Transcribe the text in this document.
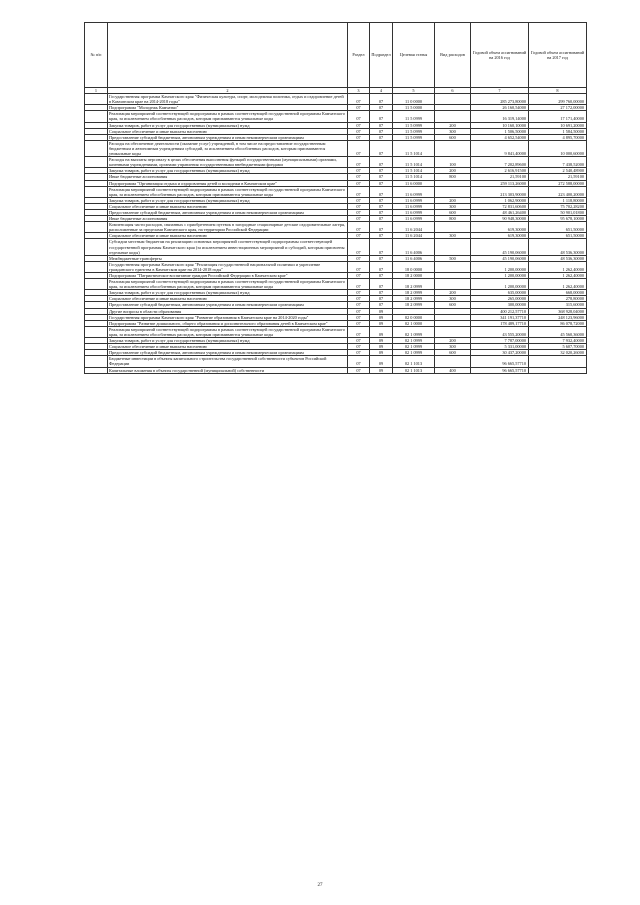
№ п/п		Раздел	Подраздел	Целевая статья	Вид расходов	Годовой объем ассигнований на 2016 год	Годовой объем ассигнований на 2017 год
1	2	3	4	5	6	7	8
	Государственная программа Камчатского края "Физическая культура, спорт, молодежная политика, отдых и оздоровление детей в Камчатском крае на 2014-2018 годы"	07	07	11 0 0000		285 273,80000	299 760,00000
	Подпрограмма "Молодежь Камчатки"	07	07	11 5 0000		26 160,54000	27 172,00000
	Реализация мероприятий соответствующей подпрограммы в рамках соответствующей государственной программы Камчатского края, за исключением обособленных расходов, которым присваиваются уникальные коды	07	07	11 5 0999		16 319,14000	17 171,40000
	Закупка товаров, работ и услуг для государственных (муниципальных) нужд	07	07	11 5 0999	200	10 160,10000	10 691,20000
	Социальное обеспечение и иные выплаты населению	07	07	11 5 0999	300	1 506,50000	1 584,50000
	Предоставление субсидий бюджетным, автономным учреждениям и иным некоммерческим организациям	07	07	11 5 0999	600	4 652,54000	4 895,70000
	Расходы на обеспечение деятельности (оказание услуг) учреждений, в том числе на предоставление государственным бюджетным и автономным учреждениям субсидий, за исключением обособленных расходов, которым присваиваются уникальные коды	07	07	11 5 1014		9 841,40000	10 000,60000
	Расходы на выплаты персоналу в целях обеспечения выполнения функций государственными (муниципальными) органами, казенными учреждениями, органами управления государственными внебюджетными фондами	07	07	11 5 1014	100	7 202,89600	7 438,52000
	Закупка товаров, работ и услуг для государственных (муниципальных) нужд	07	07	11 5 1014	200	2 616,91500	2 540,48900
	Иные бюджетные ассигнования	07	07	11 5 1014	800	21,59100	21,59100
	Подпрограмма "Организация отдыха и оздоровления детей и молодежи в Камчатском крае"	07	07	11 6 0000		259 113,26000	272 588,00000
	Реализация мероприятий соответствующей подпрограммы в рамках соответствующей государственной программы Камчатского края, за исключением обособленных расходов, которым присваиваются уникальные коды	07	07	11 6 0999		213 303,90000	223 400,20000
	Закупка товаров, работ и услуг для государственных (муниципальных) нужд	07	07	11 6 0999	200	1 062,90000	1 118,80000
	Социальное обеспечение и иные выплаты населению	07	07	11 6 0999	300	72 831,60600	75 702,28200
	Предоставление субсидий бюджетным, автономным учреждениям и иным некоммерческим организациям	07	07	11 6 0999	600	48 461,26400	50 901,01800
	Иные бюджетные ассигнования	07	07	11 6 0999	800	90 948,30000	95 678,10000
	Компенсация части расходов, связанных с приобретением путевок в загородные стационарные детские оздоровительные лагеря, расположенные за пределами Камчатского края, на территории Российской Федерации	07	07	11 6 2044		619,30000	651,50000
	Социальное обеспечение и иные выплаты населению	07	07	11 6 2044	300	619,30000	651,50000
	Субсидии местным бюджетам на реализацию основных мероприятий соответствующей подпрограммы соответствующей государственной программы Камчатского края (за исключением инвестиционных мероприятий и субсидий, которым присвоены отдельные коды)	07	07	11 6 4006		45 190,06000	48 536,30000
	Межбюджетные трансферты	07	07	11 6 4006	500	45 190,06000	48 536,30000
	Государственная программа Камчатского края "Реализация государственной национальной политики и укрепление гражданского единства в Камчатском крае на 2014-2018 годы"	07	07	18 0 0000		1 200,00000	1 262,40000
	Подпрограмма "Патриотическое воспитание граждан Российской Федерации в Камчатском крае"	07	07	18 2 0000		1 200,00000	1 262,40000
	Реализация мероприятий соответствующей подпрограммы в рамках соответствующей государственной программы Камчатского края, за исключением обособленных расходов, которым присваиваются уникальные коды	07	07	18 2 0999		1 200,00000	1 262,40000
	Закупка товаров, работ и услуг для государственных (муниципальных) нужд	07	07	18 2 0999	200	635,00000	668,00000
	Социальное обеспечение и иные выплаты населению	07	07	18 2 0999	300	265,00000	278,80000
	Предоставление субсидий бюджетным, автономным учреждениям и иным некоммерческим организациям	07	07	18 2 0999	600	300,00000	315,60000
	Другие вопросы в области образования	07	09			400 212,57710	368 928,04000
	Государственная программа Камчатского края "Развитие образования в Камчатском крае на 2014-2020 годы"	07	09	02 0 0000		341 191,37710	248 123,96000
	Подпрограмма "Развитие дошкольного, общего образования и дополнительного образования детей в Камчатском крае"	07	09	02 1 0000		178 489,17710	86 078,72000
	Реализация мероприятий соответствующей подпрограммы в рамках соответствующей государственной программы Камчатского края, за исключением обособленных расходов, которым присваиваются уникальные коды	07	09	02 1 0999		43 555,20000	45 560,36000
	Закупка товаров, работ и услуг для государственных (муниципальных) нужд	07	09	02 1 0999	200	7 787,00000	7 932,40000
	Социальное обеспечение и иные выплаты населению	07	09	02 1 0999	300	5 331,00000	5 607,70000
	Предоставление субсидий бюджетным, автономным учреждениям и иным некоммерческим организациям	07	09	02 1 0999	600	30 437,20000	32 020,26000
	Бюджетные инвестиции в объекты капитального строительства государственной собственности субъектов Российской Федерации	07	09	02 1 1013		96 665,57710	
	Капитальные вложения в объекты государственной (муниципальной) собственности	07	09	02 1 1013	400	96 665,57710	
27
